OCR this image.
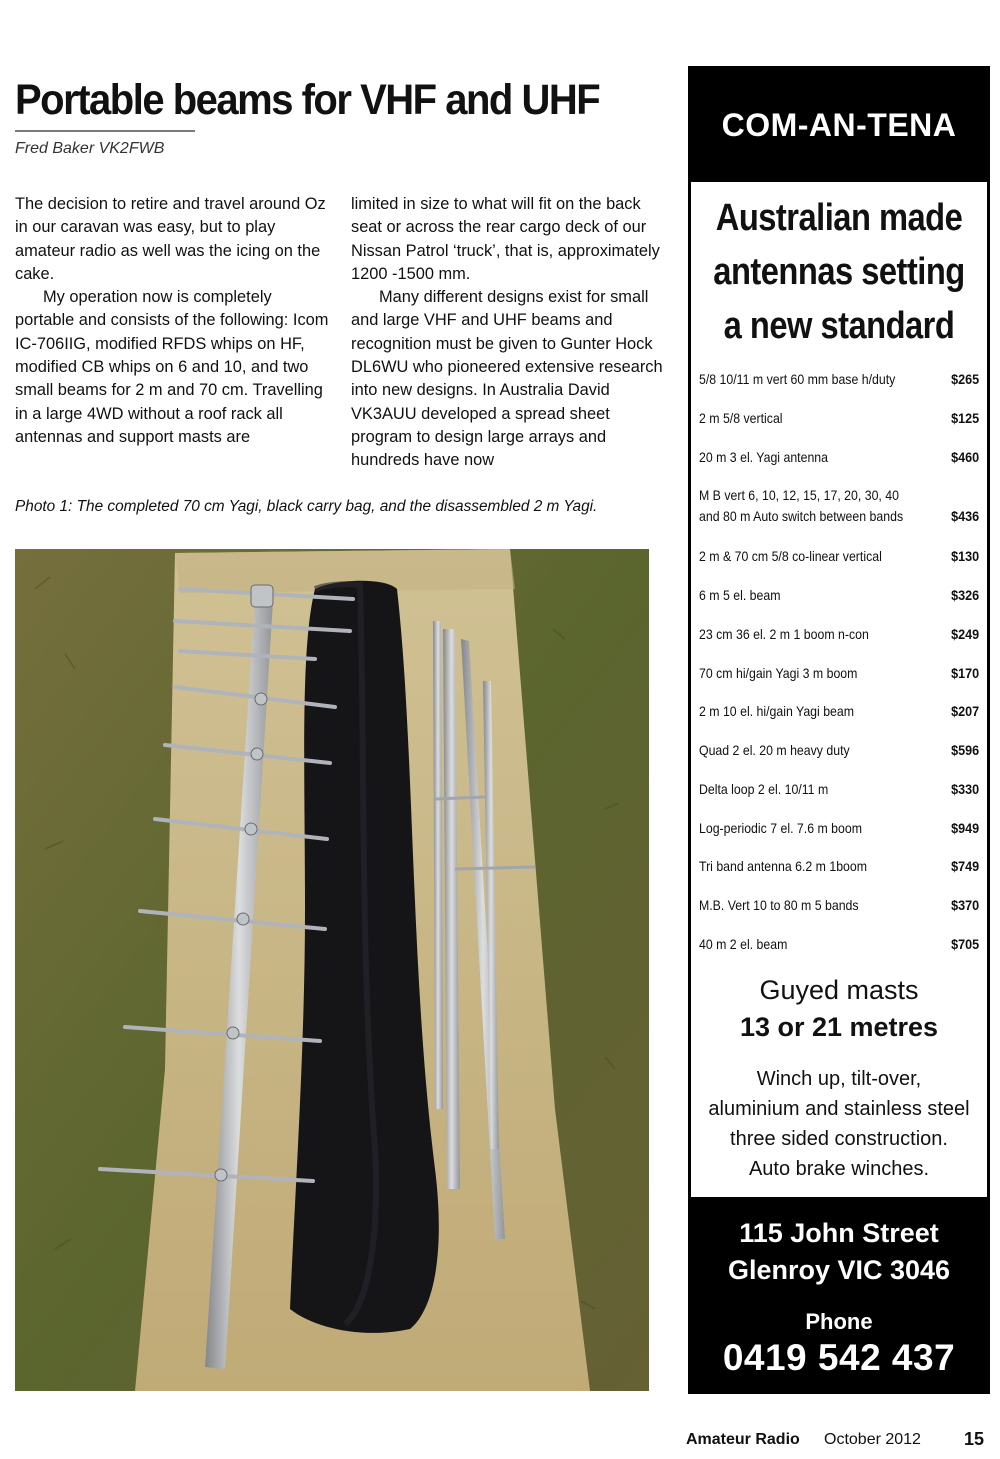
Portable beams for VHF and UHF
Fred Baker VK2FWB

The decision to retire and travel around Oz in our caravan was easy, but to play amateur radio as well was the icing on the cake.

My operation now is completely portable and consists of the following: Icom IC-706IIG, modified RFDS whips on HF, modified CB whips on 6 and 10, and two small beams for 2 m and 70 cm. Travelling in a large 4WD without a roof rack all antennas and support masts are

limited in size to what will fit on the back seat or across the rear cargo deck of our Nissan Patrol ‘truck’, that is, approximately 1200 -1500 mm.

Many different designs exist for small and large VHF and UHF beams and recognition must be given to Gunter Hock DL6WU who pioneered extensive research into new designs. In Australia David VK3AUU developed a spread sheet program to design large arrays and hundreds have now

Photo 1: The completed 70 cm Yagi, black carry bag, and the disassembled 2 m Yagi.
COM-AN-TENA
Australian made
antennas setting
a new standard
5/8 10/11 m vert 60 mm base h/duty	$265
2 m 5/8 vertical	$125
20 m 3 el. Yagi antenna	$460
M B vert 6, 10, 12, 15, 17, 20, 30, 40
and 80 m Auto switch between bands	$436
2 m & 70 cm 5/8 co-linear vertical	$130
6 m 5 el. beam	$326
23 cm 36 el. 2 m 1 boom n-con	$249
70 cm hi/gain Yagi 3 m boom	$170
2 m 10 el. hi/gain Yagi beam	$207
Quad 2 el. 20 m heavy duty	$596
Delta loop 2 el. 10/11 m	$330
Log-periodic 7 el. 7.6 m boom	$949
Tri band antenna 6.2 m 1boom	$749
M.B. Vert 10 to 80 m 5 bands	$370
40 m 2 el. beam	$705
Guyed masts
13 or 21 metres
Winch up, tilt-over,
aluminium and stainless steel
three sided construction.
Auto brake winches.
115 John Street
Glenroy VIC 3046
Phone
0419 542 437
Amateur Radio October 2012 15
